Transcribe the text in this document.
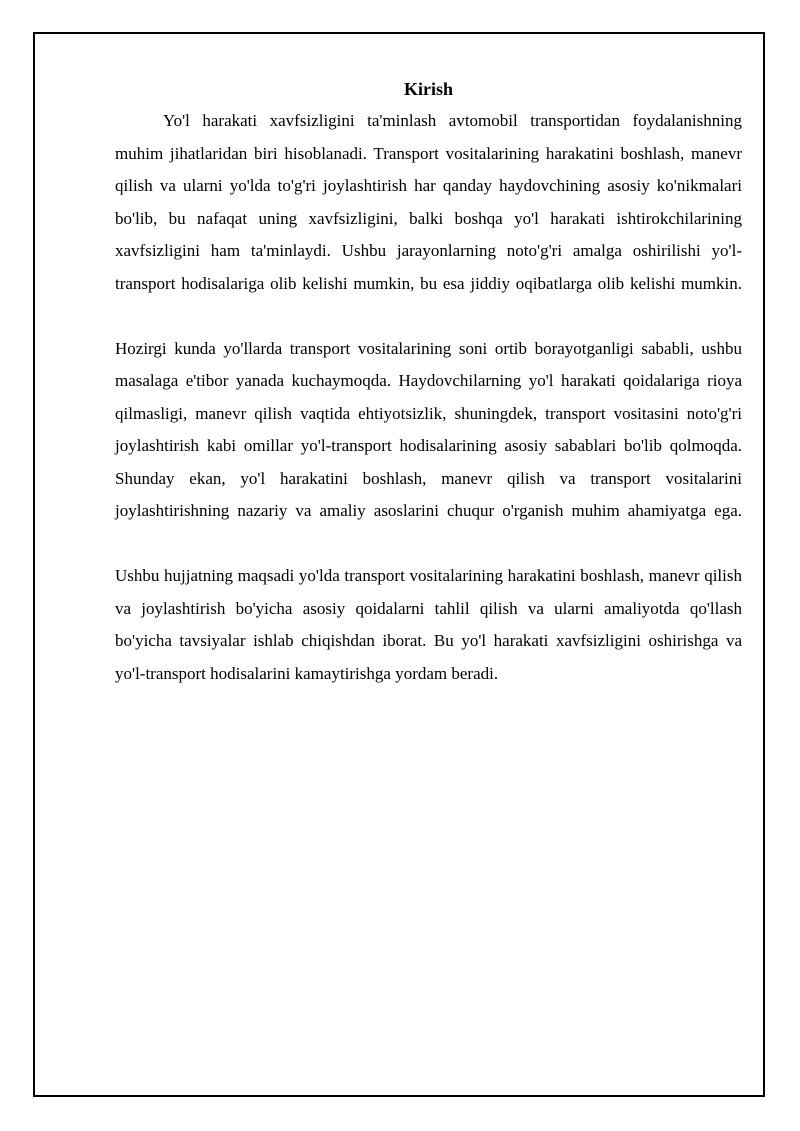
Kirish

Yo'l harakati xavfsizligini ta'minlash avtomobil transportidan foydalanishning muhim jihatlaridan biri hisoblanadi. Transport vositalarining harakatini boshlash, manevr qilish va ularni yo'lda to'g'ri joylashtirish har qanday haydovchining asosiy ko'nikmalari bo'lib, bu nafaqat uning xavfsizligini, balki boshqa yo'l harakati ishtirokchilarining xavfsizligini ham ta'minlaydi. Ushbu jarayonlarning noto'g'ri amalga oshirilishi yo'l-transport hodisalariga olib kelishi mumkin, bu esa jiddiy oqibatlarga olib kelishi mumkin.

Hozirgi kunda yo'llarda transport vositalarining soni ortib borayotganligi sababli, ushbu masalaga e'tibor yanada kuchaymoqda. Haydovchilarning yo'l harakati qoidalariga rioya qilmasligi, manevr qilish vaqtida ehtiyotsizlik, shuningdek, transport vositasini noto'g'ri joylashtirish kabi omillar yo'l-transport hodisalarining asosiy sabablari bo'lib qolmoqda. Shunday ekan, yo'l harakatini boshlash, manevr qilish va transport vositalarini joylashtirishning nazariy va amaliy asoslarini chuqur o'rganish muhim ahamiyatga ega.

Ushbu hujjatning maqsadi yo'lda transport vositalarining harakatini boshlash, manevr qilish va joylashtirish bo'yicha asosiy qoidalarni tahlil qilish va ularni amaliyotda qo'llash bo'yicha tavsiyalar ishlab chiqishdan iborat. Bu yo'l harakati xavfsizligini oshirishga va yo'l-transport hodisalarini kamaytirishga yordam beradi.
